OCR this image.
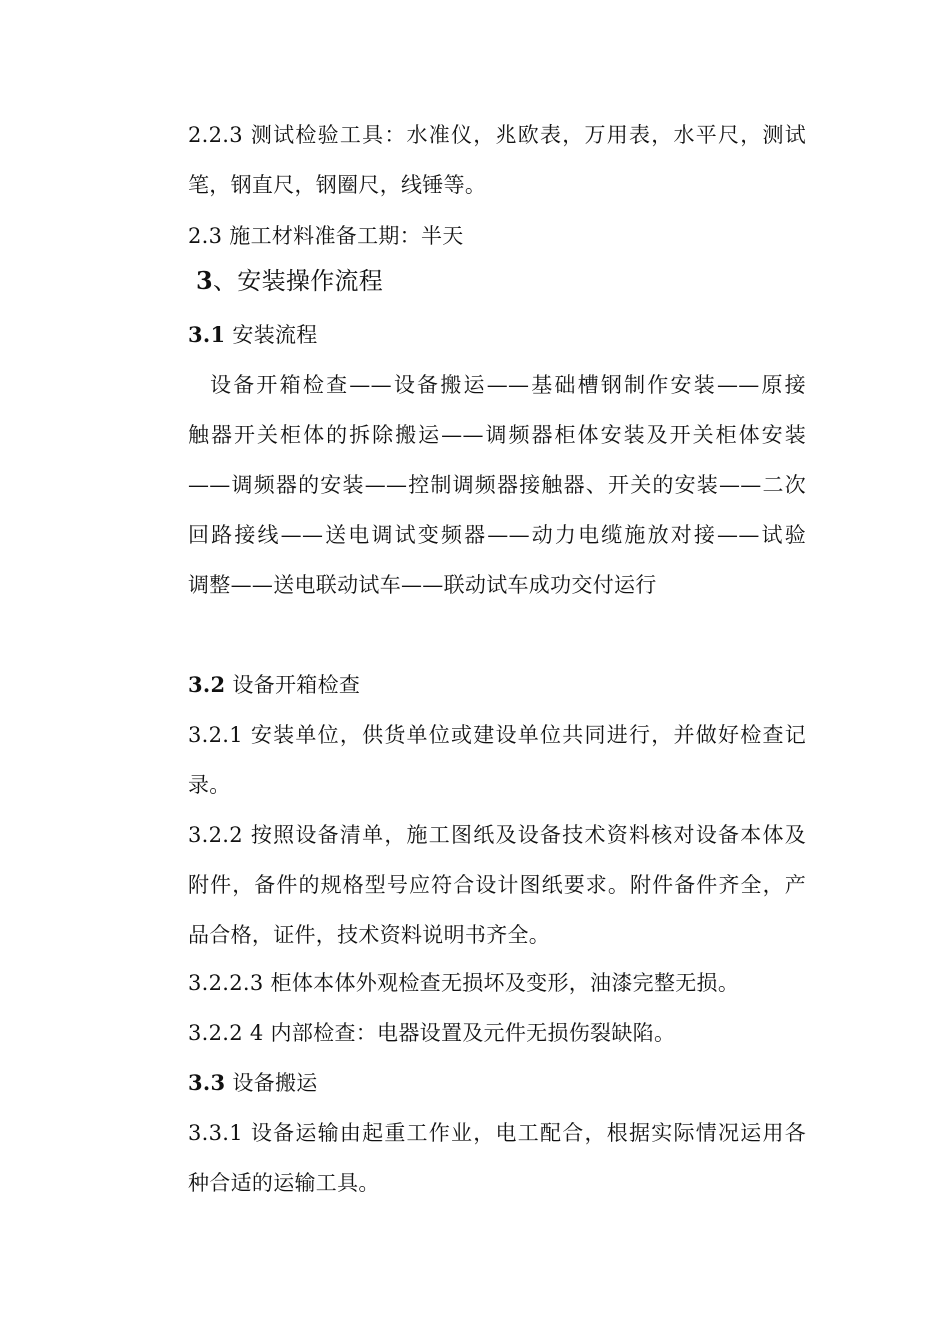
2.2.3 测试检验工具：水准仪，兆欧表，万用表，水平尺，测试
笔，钢直尺，钢圈尺，线锤等。
2.3 施工材料准备工期：半天
3、安装操作流程
3.1 安装流程
设备开箱检查——设备搬运——基础槽钢制作安装——原接
触器开关柜体的拆除搬运——调频器柜体安装及开关柜体安装
——调频器的安装——控制调频器接触器、开关的安装——二次
回路接线——送电调试变频器——动力电缆施放对接——试验
调整——送电联动试车——联动试车成功交付运行
3.2 设备开箱检查
3.2.1 安装单位，供货单位或建设单位共同进行，并做好检查记
录。
3.2.2 按照设备清单，施工图纸及设备技术资料核对设备本体及
附件，备件的规格型号应符合设计图纸要求。附件备件齐全，产
品合格，证件，技术资料说明书齐全。
3.2.2.3 柜体本体外观检查无损坏及变形，油漆完整无损。
3.2.2 4 内部检查：电器设置及元件无损伤裂缺陷。
3.3 设备搬运
3.3.1 设备运输由起重工作业，电工配合，根据实际情况运用各
种合适的运输工具。
